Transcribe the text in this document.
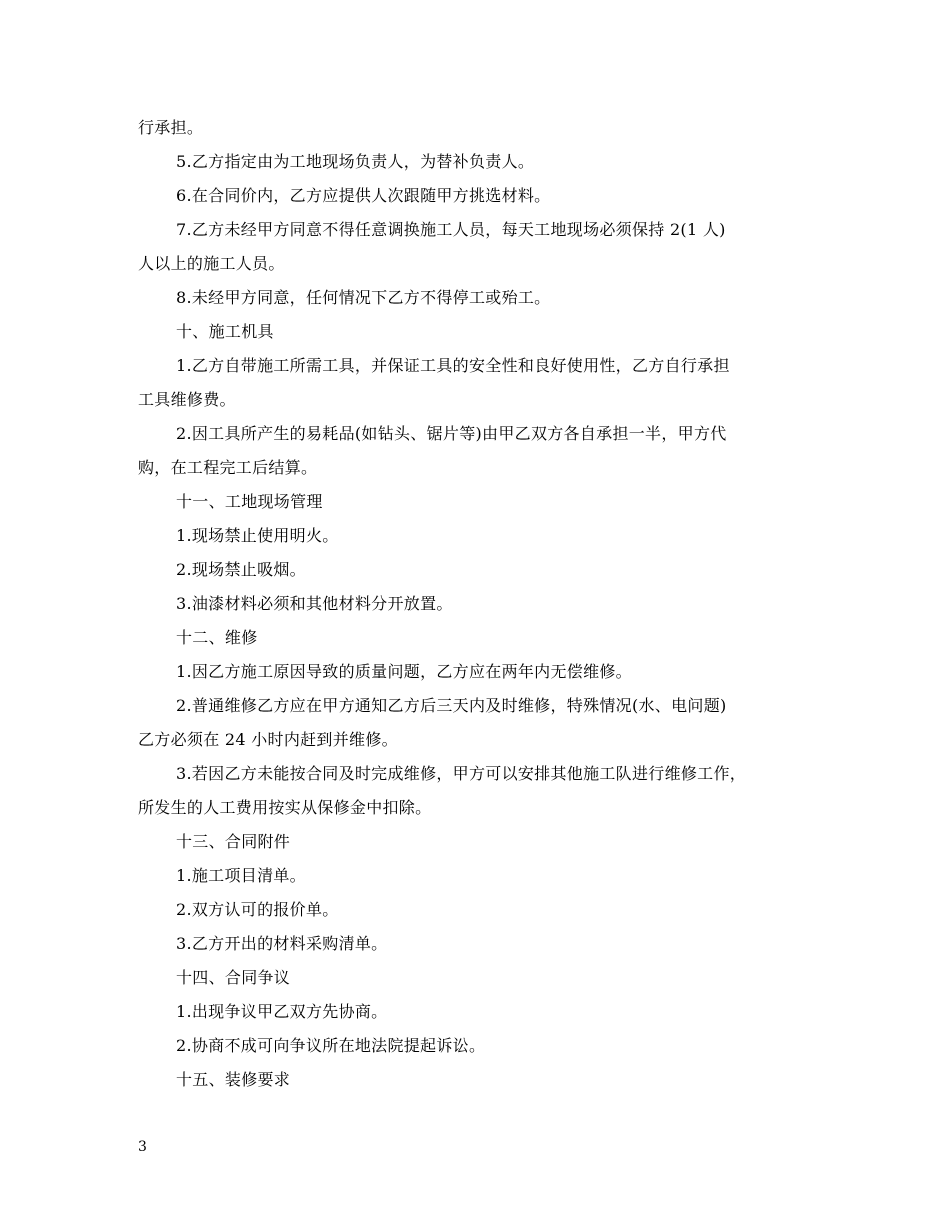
行承担。
5.乙方指定由为工地现场负责人，为替补负责人。
6.在合同价内，乙方应提供人次跟随甲方挑选材料。
7.乙方未经甲方同意不得任意调换施工人员，每天工地现场必须保持 2(1 人)
人以上的施工人员。
8.未经甲方同意，任何情况下乙方不得停工或殆工。
十、施工机具
1.乙方自带施工所需工具，并保证工具的安全性和良好使用性，乙方自行承担
工具维修费。
2.因工具所产生的易耗品(如钻头、锯片等)由甲乙双方各自承担一半，甲方代
购，在工程完工后结算。
十一、工地现场管理
1.现场禁止使用明火。
2.现场禁止吸烟。
3.油漆材料必须和其他材料分开放置。
十二、维修
1.因乙方施工原因导致的质量问题，乙方应在两年内无偿维修。
2.普通维修乙方应在甲方通知乙方后三天内及时维修，特殊情况(水、电问题)
乙方必须在 24 小时内赶到并维修。
3.若因乙方未能按合同及时完成维修，甲方可以安排其他施工队进行维修工作，
所发生的人工费用按实从保修金中扣除。
十三、合同附件
1.施工项目清单。
2.双方认可的报价单。
3.乙方开出的材料采购清单。
十四、合同争议
1.出现争议甲乙双方先协商。
2.协商不成可向争议所在地法院提起诉讼。
十五、装修要求
3
